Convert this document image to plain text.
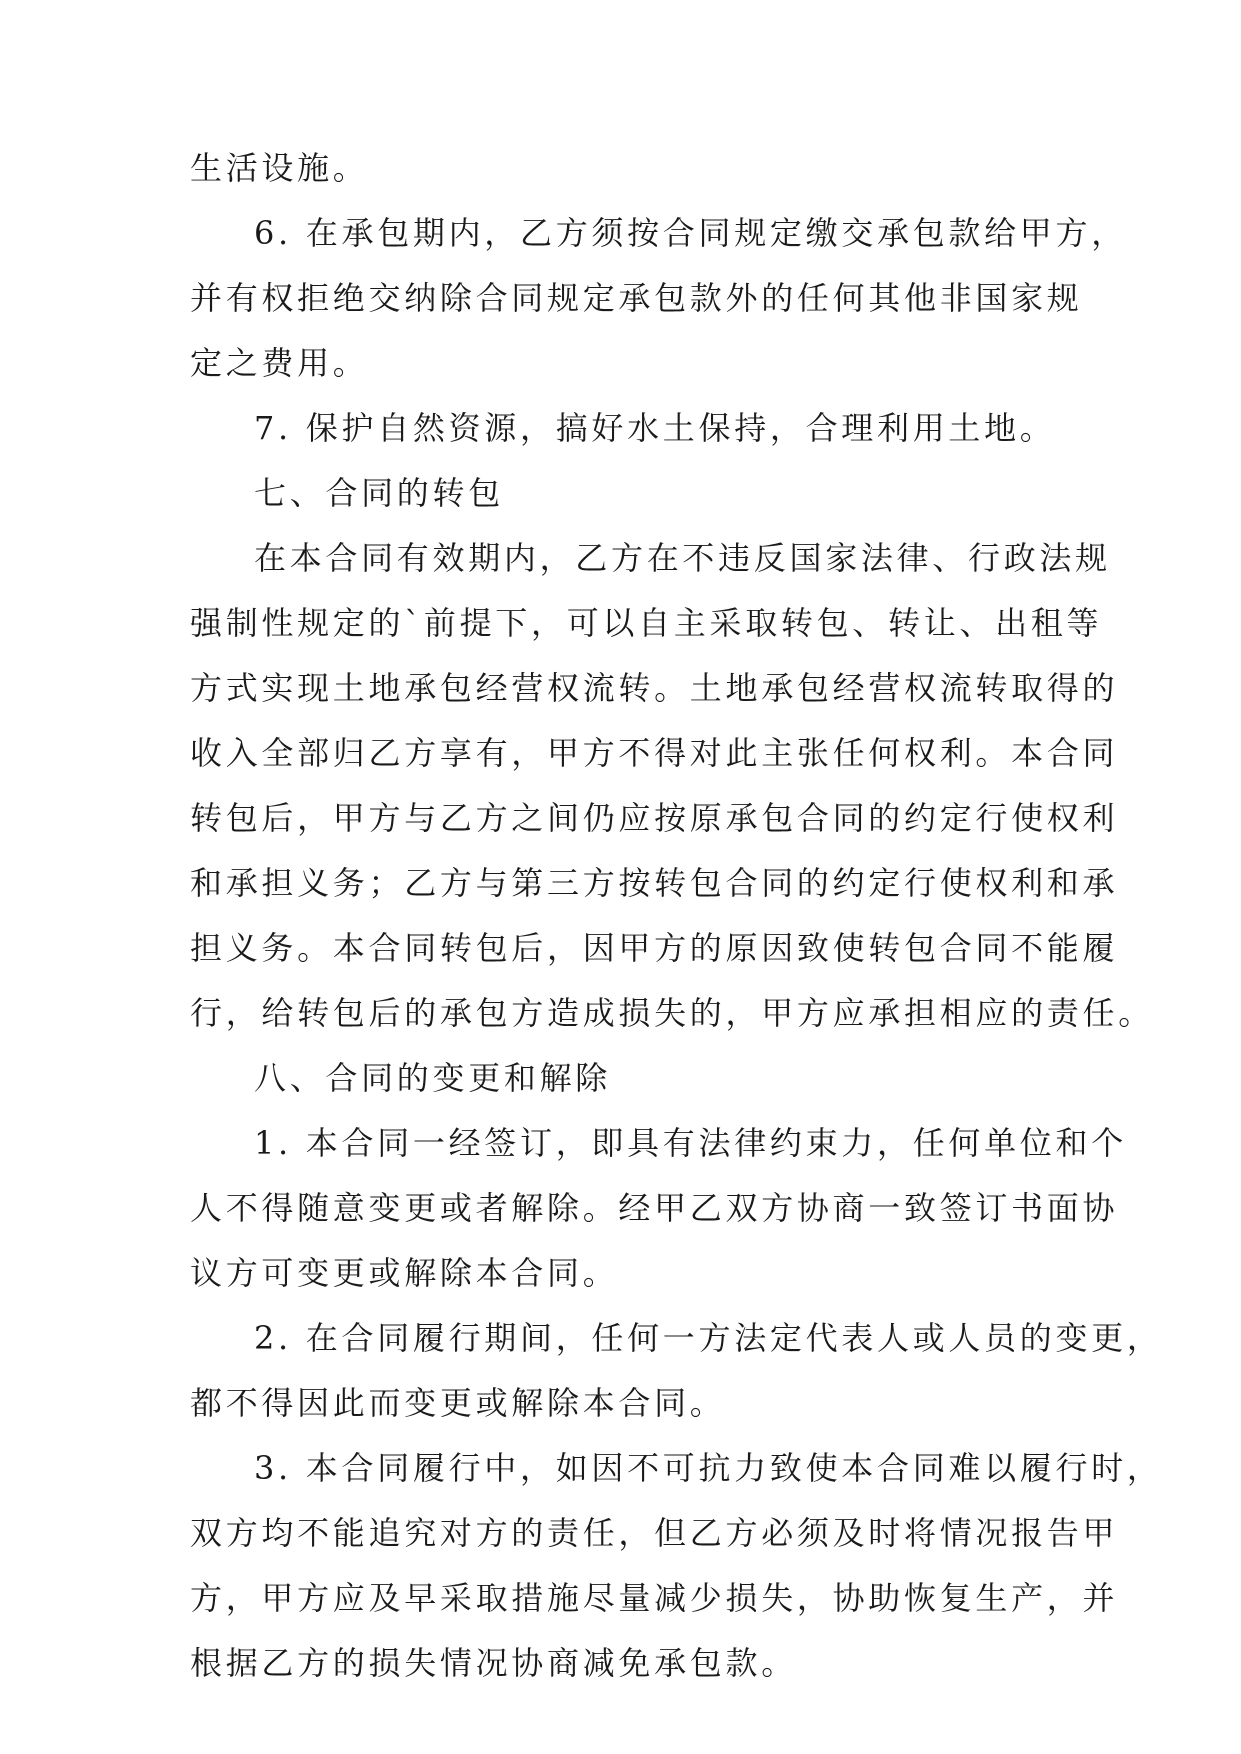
生活设施。
6. 在承包期内，乙方须按合同规定缴交承包款给甲方，
并有权拒绝交纳除合同规定承包款外的任何其他非国家规
定之费用。
7. 保护自然资源，搞好水土保持，合理利用土地。
七、合同的转包
在本合同有效期内，乙方在不违反国家法律、行政法规
强制性规定的`前提下，可以自主采取转包、转让、出租等
方式实现土地承包经营权流转。土地承包经营权流转取得的
收入全部归乙方享有，甲方不得对此主张任何权利。本合同
转包后，甲方与乙方之间仍应按原承包合同的约定行使权利
和承担义务；乙方与第三方按转包合同的约定行使权利和承
担义务。本合同转包后，因甲方的原因致使转包合同不能履
行，给转包后的承包方造成损失的，甲方应承担相应的责任。
八、合同的变更和解除
1. 本合同一经签订，即具有法律约束力，任何单位和个
人不得随意变更或者解除。经甲乙双方协商一致签订书面协
议方可变更或解除本合同。
2. 在合同履行期间，任何一方法定代表人或人员的变更，
都不得因此而变更或解除本合同。
3. 本合同履行中，如因不可抗力致使本合同难以履行时，
双方均不能追究对方的责任，但乙方必须及时将情况报告甲
方，甲方应及早采取措施尽量减少损失，协助恢复生产，并
根据乙方的损失情况协商减免承包款。
